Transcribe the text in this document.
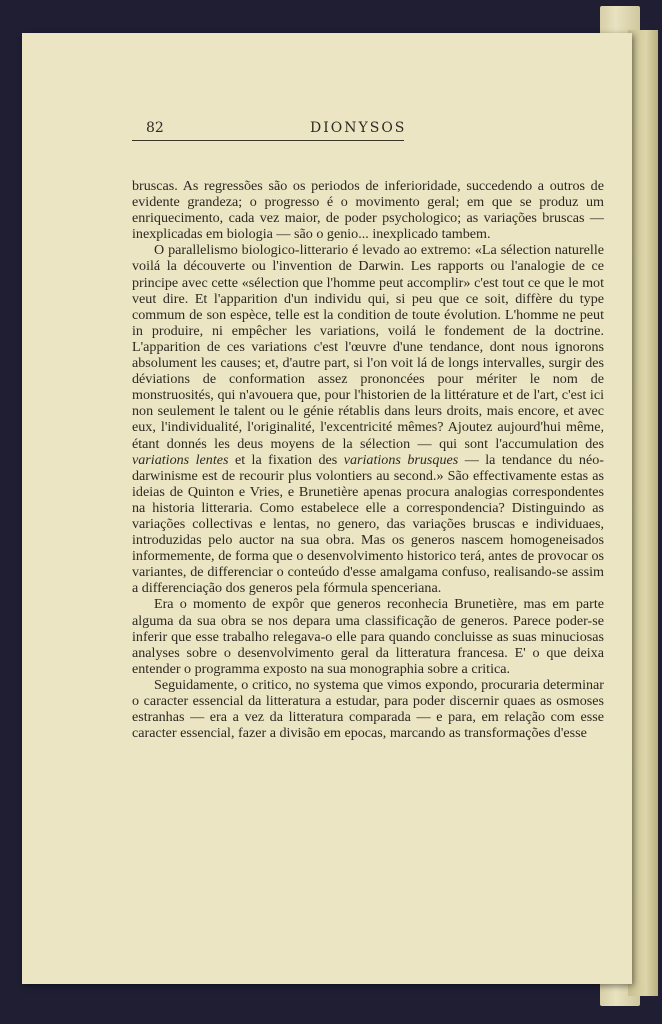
82	DIONYSOS

bruscas. As regressões são os periodos de inferioridade, succedendo a outros de evidente grandeza; o progresso é o movimento geral; em que se produz um enriquecimento, cada vez maior, de poder psychologico; as variações bruscas — inexplicadas em biologia — são o genio... inexplicado tambem.

O parallelismo biologico-litterario é levado ao extremo: «La sélection naturelle voilá la découverte ou l'invention de Darwin. Les rapports ou l'analogie de ce principe avec cette «sélection que l'homme peut accomplir» c'est tout ce que le mot veut dire. Et l'apparition d'un individu qui, si peu que ce soit, diffère du type commum de son espèce, telle est la condition de toute évolution. L'homme ne peut in produire, ni empêcher les variations, voilá le fondement de la doctrine. L'apparition de ces variations c'est l'œuvre d'une tendance, dont nous ignorons absolument les causes; et, d'autre part, si l'on voit lá de longs intervalles, surgir des déviations de conformation assez prononcées pour mériter le nom de monstruosités, qui n'avouera que, pour l'historien de la littérature et de l'art, c'est ici non seulement le talent ou le génie rétablis dans leurs droits, mais encore, et avec eux, l'individualité, l'originalité, l'excentricité mêmes? Ajoutez aujourd'hui même, étant donnés les deus moyens de la sélection — qui sont l'accumulation des variations lentes et la fixation des variations brusques — la tendance du néo-darwinisme est de recourir plus volontiers au second.» São effectivamente estas as ideias de Quinton e Vries, e Brunetière apenas procura analogias correspondentes na historia litteraria. Como estabelece elle a correspondencia? Distinguindo as variações collectivas e lentas, no genero, das variações bruscas e individuaes, introduzidas pelo auctor na sua obra. Mas os generos nascem homogeneisados informemente, de forma que o desenvolvimento historico terá, antes de provocar os variantes, de differenciar o conteúdo d'esse amalgama confuso, realisando-se assim a differenciação dos generos pela fórmula spenceriana.

Era o momento de expôr que generos reconhecia Brunetière, mas em parte alguma da sua obra se nos depara uma classificação de generos. Parece poder-se inferir que esse trabalho relegava-o elle para quando concluisse as suas minuciosas analyses sobre o desenvolvimento geral da litteratura francesa. E' o que deixa entender o programma exposto na sua monographia sobre a critica.

Seguidamente, o critico, no systema que vimos expondo, procuraria determinar o caracter essencial da litteratura a estudar, para poder discernir quaes as osmoses estranhas — era a vez da litteratura comparada — e para, em relação com esse caracter essencial, fazer a divisão em epocas, marcando as transformações d'esse
